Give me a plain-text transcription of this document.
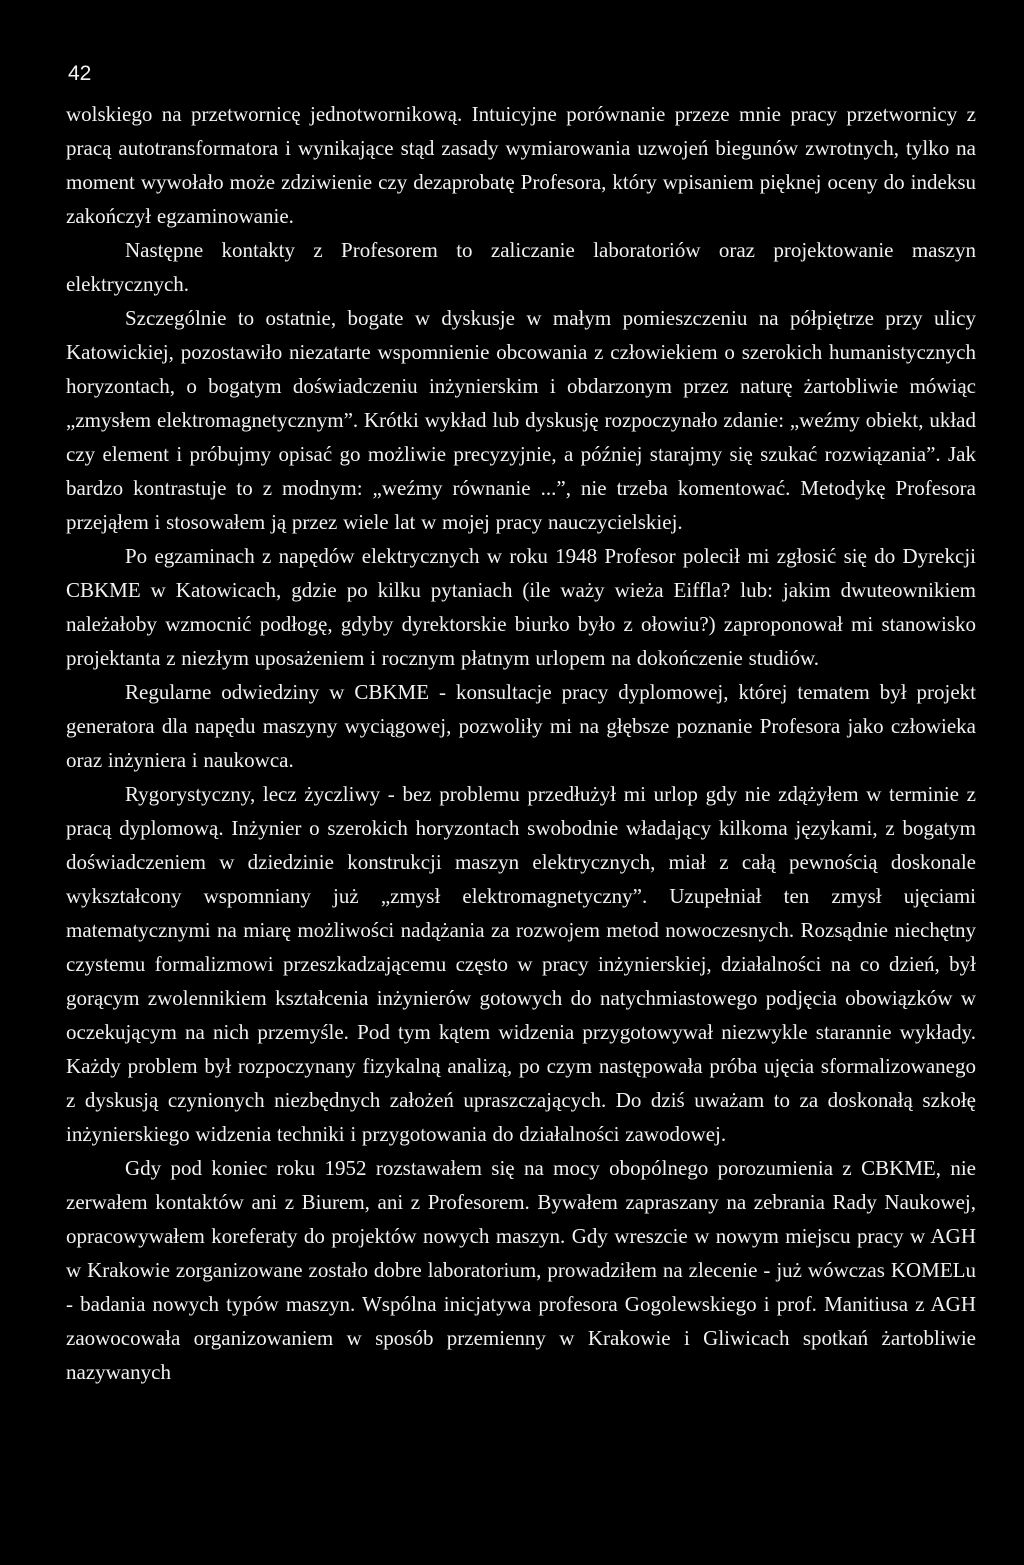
42

wolskiego na przetwornicę jednotwornikową. Intuicyjne porównanie przeze mnie pracy przetwornicy z pracą autotransformatora i wynikające stąd zasady wymiarowania uzwojeń biegunów zwrotnych, tylko na moment wywołało może zdziwienie czy dezaprobatę Profesora, który wpisaniem pięknej oceny do indeksu zakończył egzaminowanie.

Następne kontakty z Profesorem to zaliczanie laboratoriów oraz projektowanie maszyn elektrycznych.

Szczególnie to ostatnie, bogate w dyskusje w małym pomieszczeniu na półpiętrze przy ulicy Katowickiej, pozostawiło niezatarte wspomnienie obcowania z człowiekiem o szerokich humanistycznych horyzontach, o bogatym doświadczeniu inżynierskim i obdarzonym przez naturę żartobliwie mówiąc „zmysłem elektromagnetycznym”. Krótki wykład lub dyskusję rozpoczynało zdanie: „weźmy obiekt, układ czy element i próbujmy opisać go możliwie precyzyjnie, a później starajmy się szukać rozwiązania”. Jak bardzo kontrastuje to z modnym: „weźmy równanie ...”, nie trzeba komentować. Metodykę Profesora przejąłem i stosowałem ją przez wiele lat w mojej pracy nauczycielskiej.

Po egzaminach z napędów elektrycznych w roku 1948 Profesor polecił mi zgłosić się do Dyrekcji CBKME w Katowicach, gdzie po kilku pytaniach (ile waży wieża Eiffla? lub: jakim dwuteownikiem należałoby wzmocnić podłogę, gdyby dyrektorskie biurko było z ołowiu?) zaproponował mi stanowisko projektanta z niezłym uposażeniem i rocznym płatnym urlopem na dokończenie studiów.

Regularne odwiedziny w CBKME - konsultacje pracy dyplomowej, której tematem był projekt generatora dla napędu maszyny wyciągowej, pozwoliły mi na głębsze poznanie Profesora jako człowieka oraz inżyniera i naukowca.

Rygorystyczny, lecz życzliwy - bez problemu przedłużył mi urlop gdy nie zdążyłem w terminie z pracą dyplomową. Inżynier o szerokich horyzontach swobodnie władający kilkoma językami, z bogatym doświadczeniem w dziedzinie konstrukcji maszyn elektrycznych, miał z całą pewnością doskonale wykształcony wspomniany już „zmysł elektromagnetyczny”. Uzupełniał ten zmysł ujęciami matematycznymi na miarę możliwości nadążania za rozwojem metod nowoczesnych. Rozsądnie niechętny czystemu formalizmowi przeszkadzającemu często w pracy inżynierskiej, działalności na co dzień, był gorącym zwolennikiem kształcenia inżynierów gotowych do natychmiastowego podjęcia obowiązków w oczekującym na nich przemyśle. Pod tym kątem widzenia przygotowywał niezwykle starannie wykłady. Każdy problem był rozpoczynany fizykalną analizą, po czym następowała próba ujęcia sformalizowanego z dyskusją czynionych niezbędnych założeń upraszczających. Do dziś uważam to za doskonałą szkołę inżynierskiego widzenia techniki i przygotowania do działalności zawodowej.

Gdy pod koniec roku 1952 rozstawałem się na mocy obopólnego porozumienia z CBKME, nie zerwałem kontaktów ani z Biurem, ani z Profesorem. Bywałem zapraszany na zebrania Rady Naukowej, opracowywałem koreferaty do projektów nowych maszyn. Gdy wreszcie w nowym miejscu pracy w AGH w Krakowie zorganizowane zostało dobre laboratorium, prowadziłem na zlecenie - już wówczas KOMELu - badania nowych typów maszyn. Wspólna inicjatywa profesora Gogolewskiego i prof. Manitiusa z AGH zaowocowała organizowaniem w sposób przemienny w Krakowie i Gliwicach spotkań żartobliwie nazywanych
